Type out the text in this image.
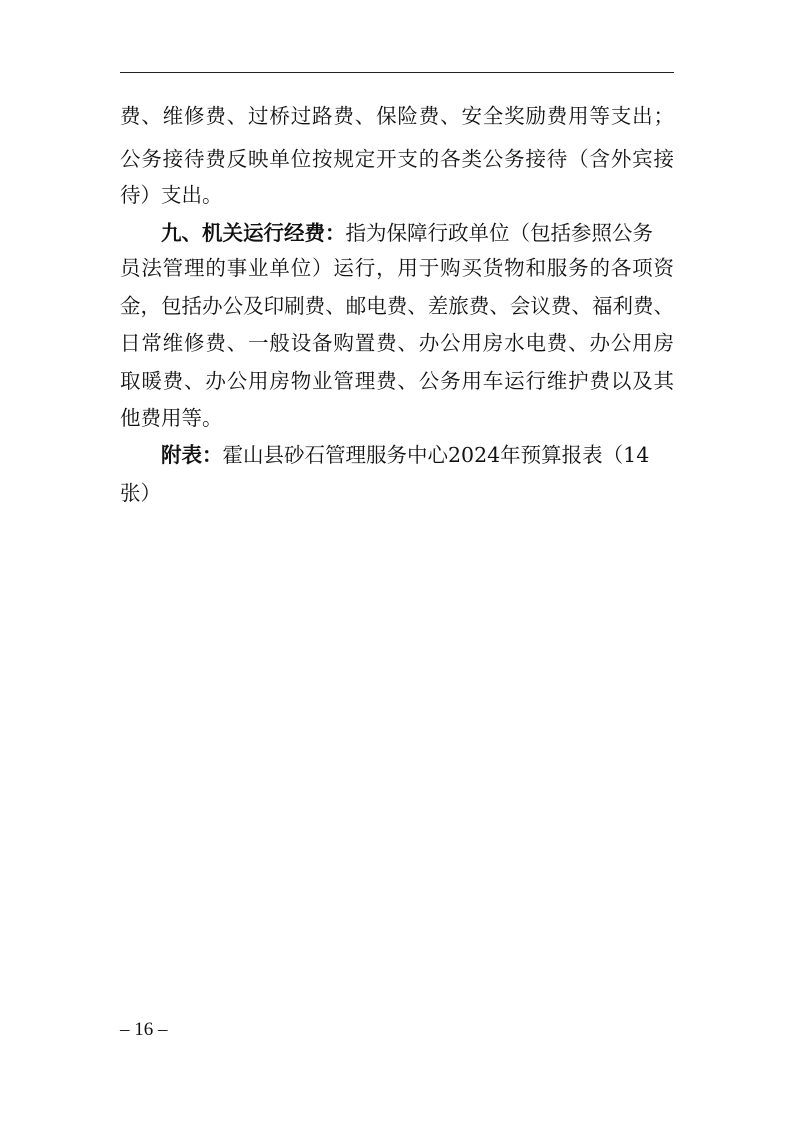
费、维修费、过桥过路费、保险费、安全奖励费用等支出；
公务接待费反映单位按规定开支的各类公务接待（含外宾接
待）支出。
九、机关运行经费：指为保障行政单位（包括参照公务
员法管理的事业单位）运行，用于购买货物和服务的各项资
金，包括办公及印刷费、邮电费、差旅费、会议费、福利费、
日常维修费、一般设备购置费、办公用房水电费、办公用房
取暖费、办公用房物业管理费、公务用车运行维护费以及其
他费用等。
附表：霍山县砂石管理服务中心2024年预算报表（14
张）
– 16 –
